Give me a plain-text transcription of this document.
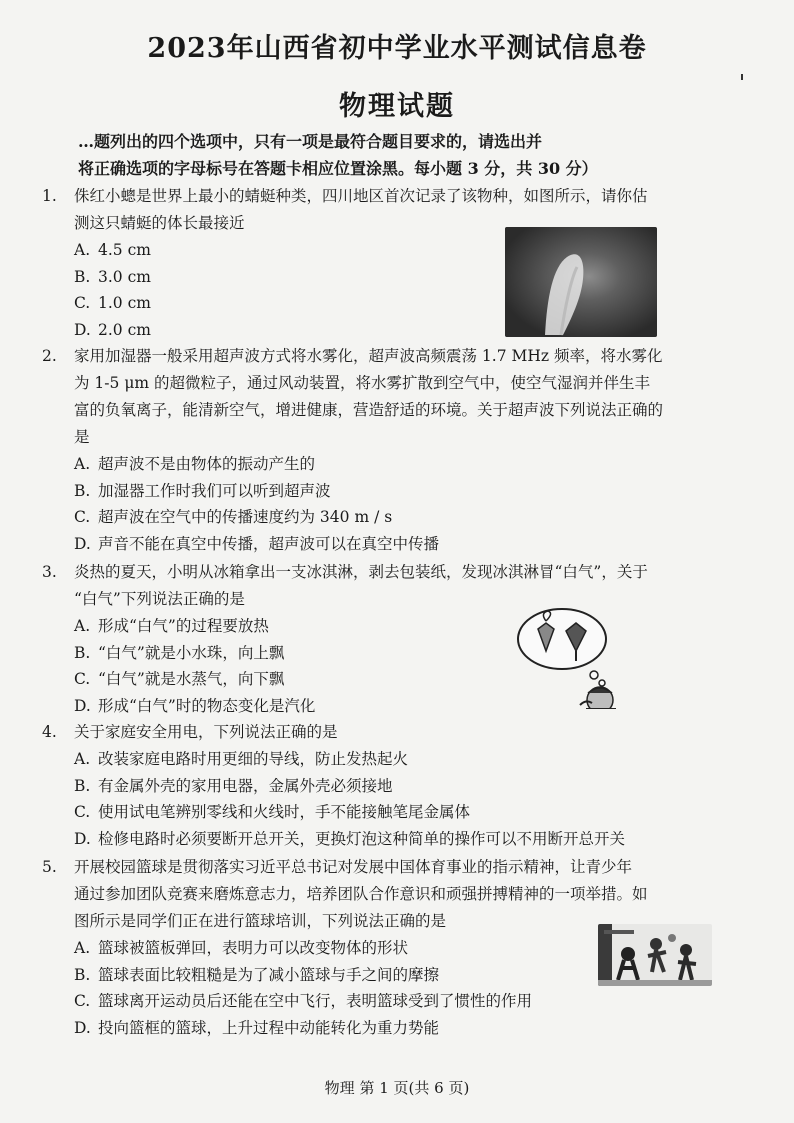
2023年山西省初中学业水平测试信息卷
物理试题

…题列出的四个选项中，只有一项是最符合题目要求的，请选出并

将正确选项的字母标号在答题卡相应位置涂黑。每小题 3 分，共 30 分）

1. 侏红小蟌是世界上最小的蜻蜓种类，四川地区首次记录了该物种，如图所示，请你估

测这只蜻蜓的体长最接近

A. 4.5 cm

B. 3.0 cm

C. 1.0 cm

D. 2.0 cm

2. 家用加湿器一般采用超声波方式将水雾化，超声波高频震荡 1.7 MHz 频率，将水雾化

为 1-5 μm 的超微粒子，通过风动装置，将水雾扩散到空气中，使空气湿润并伴生丰

富的负氧离子，能清新空气，增进健康，营造舒适的环境。关于超声波下列说法正确的

是

A. 超声波不是由物体的振动产生的

B. 加湿器工作时我们可以听到超声波

C. 超声波在空气中的传播速度约为 340 m / s

D. 声音不能在真空中传播，超声波可以在真空中传播

3. 炎热的夏天，小明从冰箱拿出一支冰淇淋，剥去包装纸，发现冰淇淋冒“白气”，关于

“白气”下列说法正确的是

A. 形成“白气”的过程要放热

B. “白气”就是小水珠，向上飘

C. “白气”就是水蒸气，向下飘

D. 形成“白气”时的物态变化是汽化

4. 关于家庭安全用电，下列说法正确的是

A. 改装家庭电路时用更细的导线，防止发热起火

B. 有金属外壳的家用电器，金属外壳必须接地

C. 使用试电笔辨别零线和火线时，手不能接触笔尾金属体

D. 检修电路时必须要断开总开关，更换灯泡这种简单的操作可以不用断开总开关

5. 开展校园篮球是贯彻落实习近平总书记对发展中国体育事业的指示精神，让青少年

通过参加团队竞赛来磨炼意志力，培养团队合作意识和顽强拼搏精神的一项举措。如

图所示是同学们正在进行篮球培训，下列说法正确的是

A. 篮球被篮板弹回，表明力可以改变物体的形状

B. 篮球表面比较粗糙是为了减小篮球与手之间的摩擦

C. 篮球离开运动员后还能在空中飞行，表明篮球受到了惯性的作用

D. 投向篮框的篮球，上升过程中动能转化为重力势能

物理 第 1 页(共 6 页)
